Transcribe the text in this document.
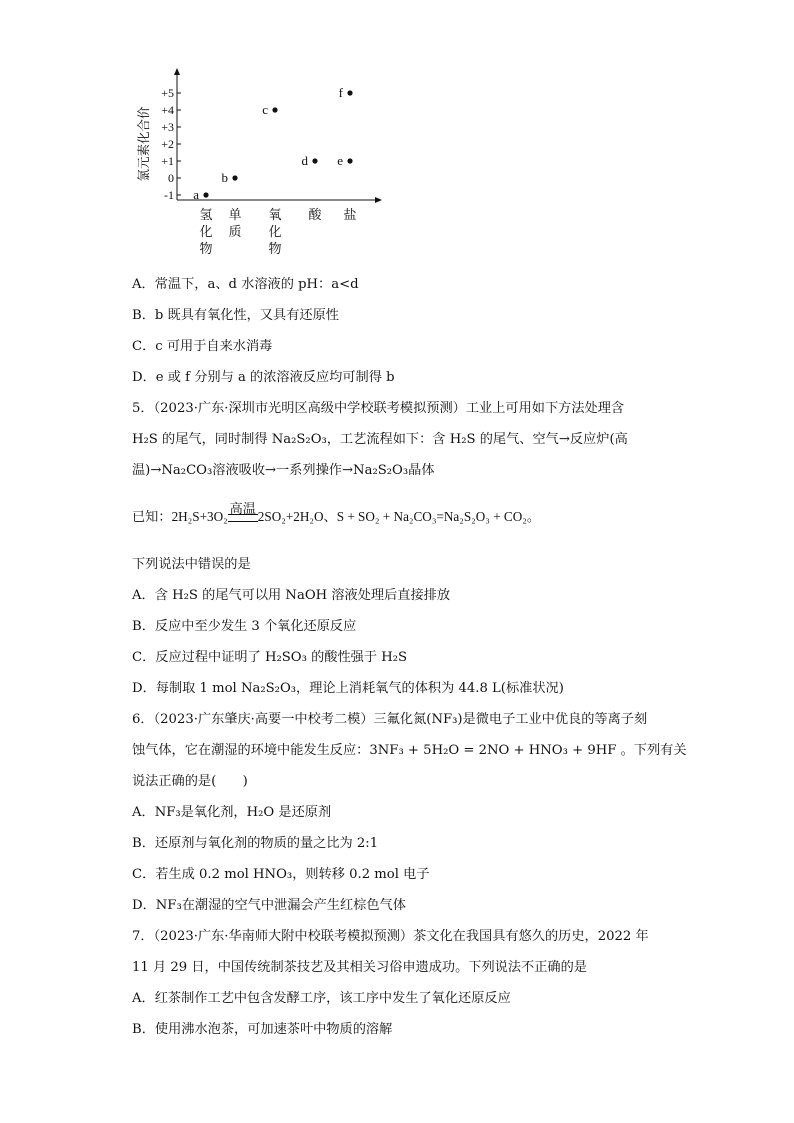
氯元素化合价
+5
+4
+3
+2
+1
0
-1
氢
化
物
单
质
氧
化
物
酸 盐
a
b
c
d e
f
A．常温下，a、d 水溶液的 pH：a<d
B．b 既具有氧化性，又具有还原性
C．c 可用于自来水消毒
D．e 或 f 分别与 a 的浓溶液反应均可制得 b
5．（2023·广东·深圳市光明区高级中学校联考模拟预测）工业上可用如下方法处理含
H₂S 的尾气，同时制得 Na₂S₂O₃，工艺流程如下：含 H₂S 的尾气、空气→反应炉(高
温)→Na₂CO₃溶液吸收→一系列操作→Na₂S₂O₃晶体
已知：2H₂S+3O₂ 高温 2SO₂+2H₂O、S + SO₂ + Na₂CO₃=Na₂S₂O₃ + CO₂。
下列说法中错误的是
A．含 H₂S 的尾气可以用 NaOH 溶液处理后直接排放
B．反应中至少发生 3 个氧化还原反应
C．反应过程中证明了 H₂SO₃ 的酸性强于 H₂S
D．每制取 1 mol Na₂S₂O₃，理论上消耗氧气的体积为 44.8 L(标准状况)
6．（2023·广东肇庆·高要一中校考二模）三氟化氮(NF₃)是微电子工业中优良的等离子刻
蚀气体，它在潮湿的环境中能发生反应：3NF₃ + 5H₂O = 2NO + HNO₃ + 9HF 。下列有关
说法正确的是(　　)
A．NF₃是氧化剂，H₂O 是还原剂
B．还原剂与氧化剂的物质的量之比为 2:1
C．若生成 0.2 mol HNO₃，则转移 0.2 mol 电子
D．NF₃在潮湿的空气中泄漏会产生红棕色气体
7．（2023·广东·华南师大附中校联考模拟预测）茶文化在我国具有悠久的历史，2022 年
11 月 29 日，中国传统制茶技艺及其相关习俗申遗成功。下列说法不正确的是
A．红茶制作工艺中包含发酵工序，该工序中发生了氧化还原反应
B．使用沸水泡茶，可加速茶叶中物质的溶解
